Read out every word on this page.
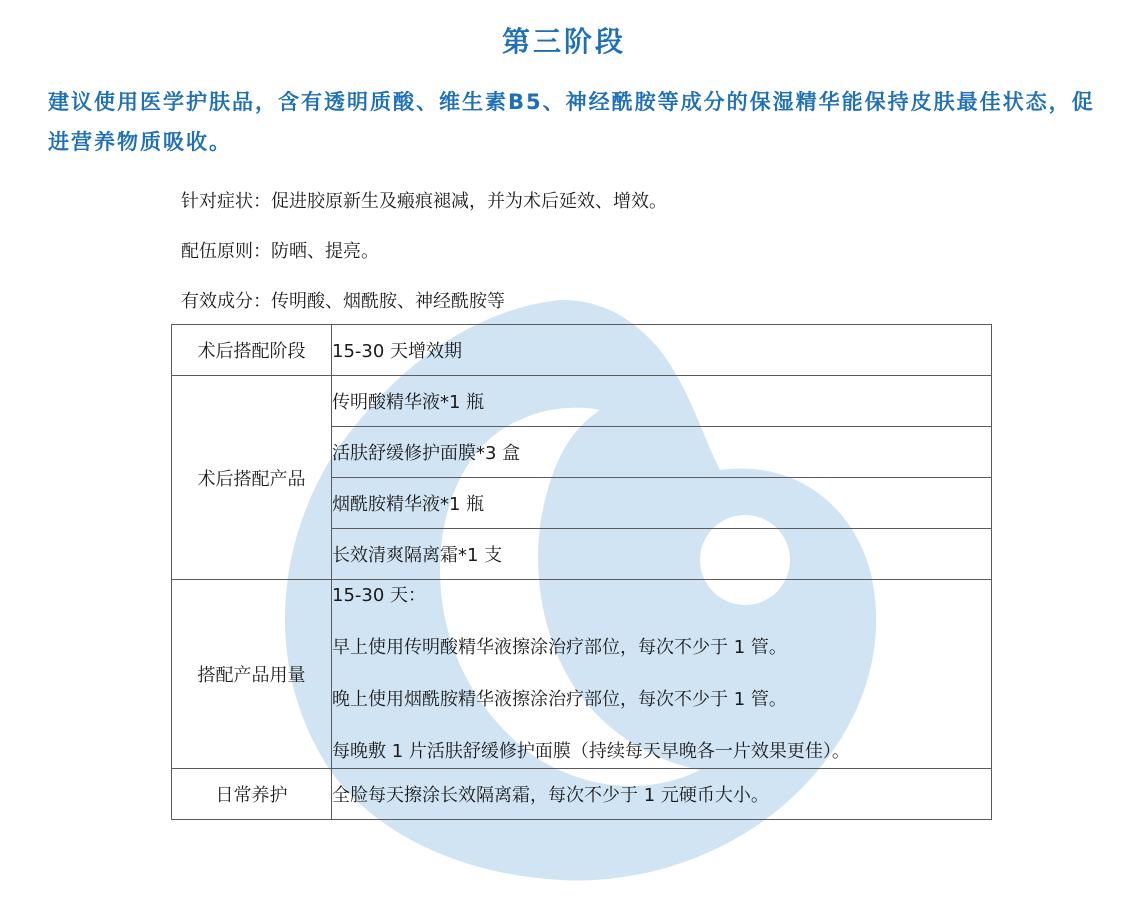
第三阶段

建议使用医学护肤品，含有透明质酸、维生素B5、神经酰胺等成分的保湿精华能保持皮肤最佳状态，促进营养物质吸收。

针对症状：促进胶原新生及瘢痕褪减，并为术后延效、增效。

配伍原则：防晒、提亮。

有效成分：传明酸、烟酰胺、神经酰胺等

术后搭配阶段	15-30 天增效期
术后搭配产品	传明酸精华液*1 瓶
	活肤舒缓修护面膜*3 盒
	烟酰胺精华液*1 瓶
	长效清爽隔离霜*1 支
搭配产品用量	15-30 天：
早上使用传明酸精华液擦涂治疗部位，每次不少于 1 管。
晚上使用烟酰胺精华液擦涂治疗部位，每次不少于 1 管。
每晚敷 1 片活肤舒缓修护面膜（持续每天早晚各一片效果更佳）。

日常养护	全脸每天擦涂长效隔离霜，每次不少于 1 元硬币大小。
